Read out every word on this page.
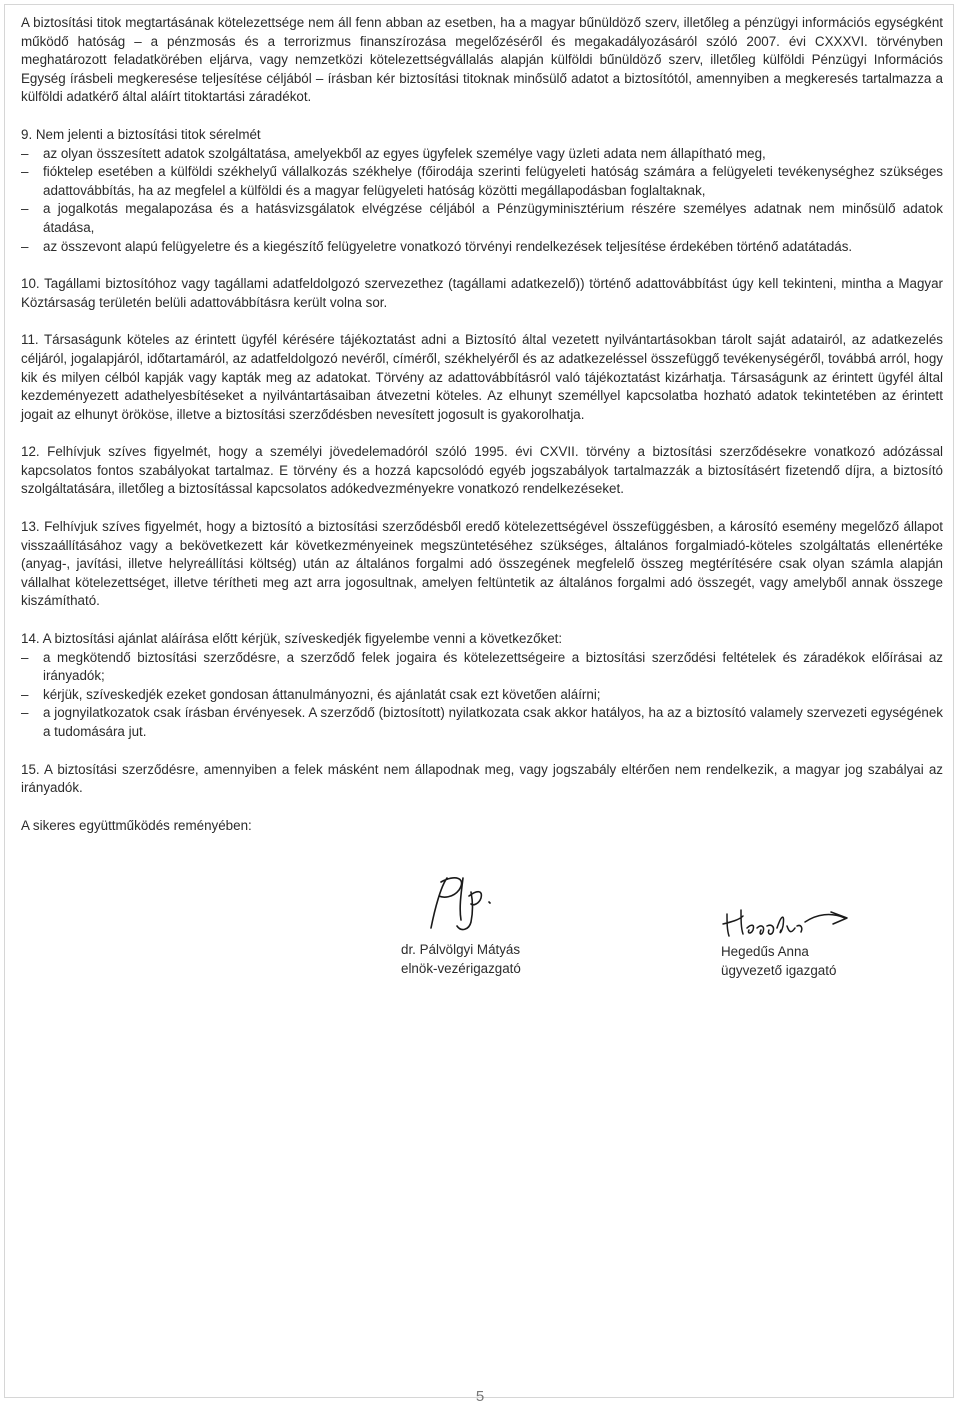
A biztosítási titok megtartásának kötelezettsége nem áll fenn abban az esetben, ha a magyar bűnüldöző szerv, illetőleg a pénzügyi információs egységként működő hatóság – a pénzmosás és a terrorizmus finanszírozása megelőzéséről és megakadályozásáról szóló 2007. évi CXXXVI. törvényben meghatározott feladatkörében eljárva, vagy nemzetközi kötelezettségvállalás alapján külföldi bűnüldöző szerv, illetőleg külföldi Pénzügyi Információs Egység írásbeli megkeresése teljesítése céljából – írásban kér biztosítási titoknak minősülő adatot a biztosítótól, amennyiben a megkeresés tartalmazza a külföldi adatkérő által aláírt titoktartási záradékot.

9. Nem jelenti a biztosítási titok sérelmét

– az olyan összesített adatok szolgáltatása, amelyekből az egyes ügyfelek személye vagy üzleti adata nem állapítható meg,
– fióktelep esetében a külföldi székhelyű vállalkozás székhelye (főirodája szerinti felügyeleti hatóság számára a felügyeleti tevékenységhez szükséges adattovábbítás, ha az megfelel a külföldi és a magyar felügyeleti hatóság közötti megállapodásban foglaltaknak,
– a jogalkotás megalapozása és a hatásvizsgálatok elvégzése céljából a Pénzügyminisztérium részére személyes adatnak nem minősülő adatok átadása,
– az összevont alapú felügyeletre és a kiegészítő felügyeletre vonatkozó törvényi rendelkezések teljesítése érdekében történő adatátadás.

10. Tagállami biztosítóhoz vagy tagállami adatfeldolgozó szervezethez (tagállami adatkezelő)) történő adattovábbítást úgy kell tekinteni, mintha a Magyar Köztársaság területén belüli adattovábbításra került volna sor.

11. Társaságunk köteles az érintett ügyfél kérésére tájékoztatást adni a Biztosító által vezetett nyilvántartásokban tárolt saját adatairól, az adatkezelés céljáról, jogalapjáról, időtartamáról, az adatfeldolgozó nevéről, címéről, székhelyéről és az adatkezeléssel összefüggő tevékenységéről, továbbá arról, hogy kik és milyen célból kapják vagy kapták meg az adatokat. Törvény az adattovábbításról való tájékoztatást kizárhatja. Társaságunk az érintett ügyfél által kezdeményezett adathelyesbítéseket a nyilvántartásaiban átvezetni köteles. Az elhunyt személlyel kapcsolatba hozható adatok tekintetében az érintett jogait az elhunyt örököse, illetve a biztosítási szerződésben nevesített jogosult is gyakorolhatja.

12. Felhívjuk szíves figyelmét, hogy a személyi jövedelemadóról szóló 1995. évi CXVII. törvény a biztosítási szerződésekre vonatkozó adózással kapcsolatos fontos szabályokat tartalmaz. E törvény és a hozzá kapcsolódó egyéb jogszabályok tartalmazzák a biztosításért fizetendő díjra, a biztosító szolgáltatására, illetőleg a biztosítással kapcsolatos adókedvezményekre vonatkozó rendelkezéseket.

13. Felhívjuk szíves figyelmét, hogy a biztosító a biztosítási szerződésből eredő kötelezettségével összefüggésben, a károsító esemény megelőző állapot visszaállításához vagy a bekövetkezett kár következményeinek megszüntetéséhez szükséges, általános forgalmiadó-köteles szolgáltatás ellenértéke (anyag-, javítási, illetve helyreállítási költség) után az általános forgalmi adó összegének megfelelő összeg megtérítésére csak olyan számla alapján vállalhat kötelezettséget, illetve térítheti meg azt arra jogosultnak, amelyen feltüntetik az általános forgalmi adó összegét, vagy amelyből annak összege kiszámítható.

14. A biztosítási ajánlat aláírása előtt kérjük, szíveskedjék figyelembe venni a következőket:

– a megkötendő biztosítási szerződésre, a szerződő felek jogaira és kötelezettségeire a biztosítási szerződési feltételek és záradékok előírásai az irányadók;
– kérjük, szíveskedjék ezeket gondosan áttanulmányozni, és ajánlatát csak ezt követően aláírni;
– a jognyilatkozatok csak írásban érvényesek. A szerződő (biztosított) nyilatkozata csak akkor hatályos, ha az a biztosító valamely szervezeti egységének a tudomására jut.

15. A biztosítási szerződésre, amennyiben a felek másként nem állapodnak meg, vagy jogszabály eltérően nem rendelkezik, a magyar jog szabályai az irányadók.

A sikeres együttműködés reményében:

dr. Pálvölgyi Mátyás
elnök-vezérigazgató
Hegedűs Anna
ügyvezető igazgató
5
